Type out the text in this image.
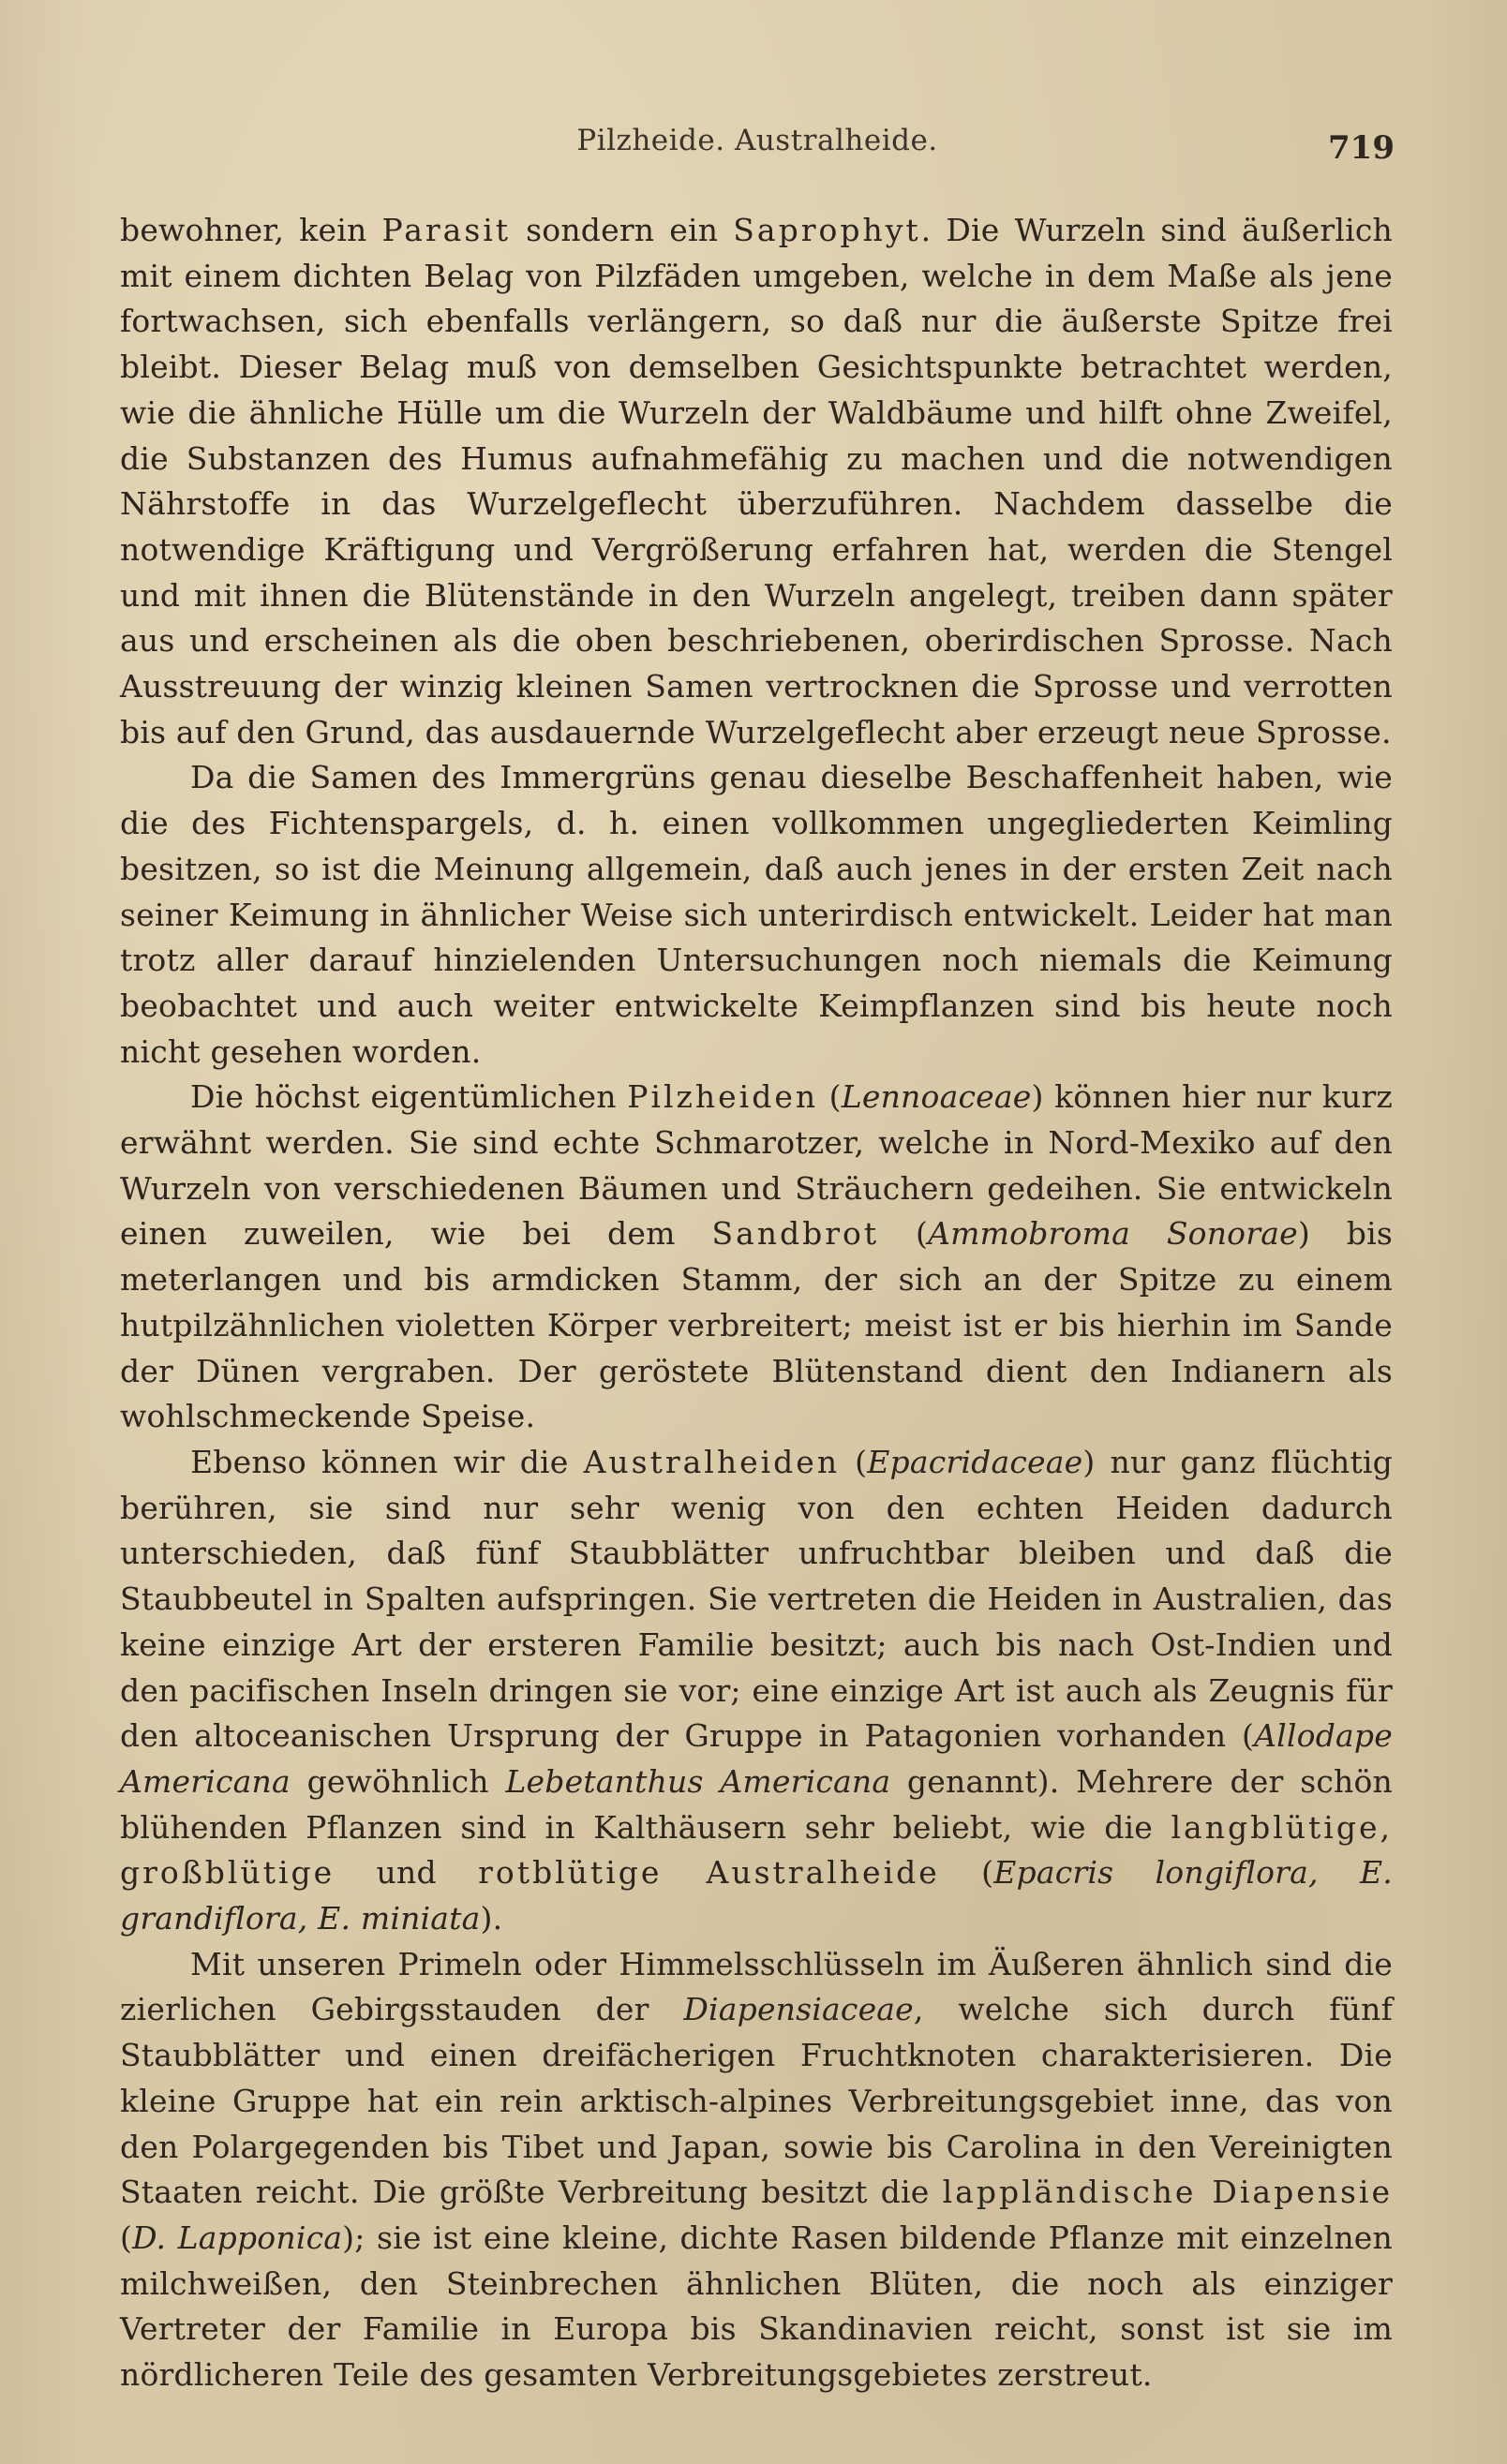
Pilzheide. Australheide.	719

bewohner, kein Parasit sondern ein Saprophyt. Die Wurzeln sind äußerlich mit einem dichten Belag von Pilzfäden umgeben, welche in dem Maße als jene fortwachsen, sich ebenfalls verlängern, so daß nur die äußerste Spitze frei bleibt. Dieser Belag muß von demselben Gesichtspunkte betrachtet werden, wie die ähnliche Hülle um die Wurzeln der Waldbäume und hilft ohne Zweifel, die Substanzen des Humus aufnahmefähig zu machen und die notwendigen Nährstoffe in das Wurzelgeflecht überzuführen. Nachdem dasselbe die notwendige Kräftigung und Vergrößerung erfahren hat, werden die Stengel und mit ihnen die Blütenstände in den Wurzeln angelegt, treiben dann später aus und erscheinen als die oben beschriebenen, oberirdischen Sprosse. Nach Ausstreuung der winzig kleinen Samen vertrocknen die Sprosse und verrotten bis auf den Grund, das ausdauernde Wurzelgeflecht aber erzeugt neue Sprosse.

Da die Samen des Immergrüns genau dieselbe Beschaffenheit haben, wie die des Fichtenspargels, d. h. einen vollkommen ungegliederten Keimling besitzen, so ist die Meinung allgemein, daß auch jenes in der ersten Zeit nach seiner Keimung in ähnlicher Weise sich unterirdisch entwickelt. Leider hat man trotz aller darauf hinzielenden Untersuchungen noch niemals die Keimung beobachtet und auch weiter entwickelte Keimpflanzen sind bis heute noch nicht gesehen worden.

Die höchst eigentümlichen Pilzheiden (Lennoaceae) können hier nur kurz erwähnt werden. Sie sind echte Schmarotzer, welche in Nord-Mexiko auf den Wurzeln von verschiedenen Bäumen und Sträuchern gedeihen. Sie entwickeln einen zuweilen, wie bei dem Sandbrot (Ammobroma Sonorae) bis meterlangen und bis armdicken Stamm, der sich an der Spitze zu einem hutpilzähnlichen violetten Körper verbreitert; meist ist er bis hierhin im Sande der Dünen vergraben. Der geröstete Blütenstand dient den Indianern als wohlschmeckende Speise.

Ebenso können wir die Australheiden (Epacridaceae) nur ganz flüchtig berühren, sie sind nur sehr wenig von den echten Heiden dadurch unterschieden, daß fünf Staubblätter unfruchtbar bleiben und daß die Staubbeutel in Spalten aufspringen. Sie vertreten die Heiden in Australien, das keine einzige Art der ersteren Familie besitzt; auch bis nach Ost-Indien und den pacifischen Inseln dringen sie vor; eine einzige Art ist auch als Zeugnis für den altoceanischen Ursprung der Gruppe in Patagonien vorhanden (Allodape Americana gewöhnlich Lebetanthus Americana genannt). Mehrere der schön blühenden Pflanzen sind in Kalthäusern sehr beliebt, wie die langblütige, großblütige und rotblütige Australheide (Epacris longiflora, E. grandiflora, E. miniata).

Mit unseren Primeln oder Himmelsschlüsseln im Äußeren ähnlich sind die zierlichen Gebirgsstauden der Diapensiaceae, welche sich durch fünf Staubblätter und einen dreifächerigen Fruchtknoten charakterisieren. Die kleine Gruppe hat ein rein arktisch-alpines Verbreitungsgebiet inne, das von den Polargegenden bis Tibet und Japan, sowie bis Carolina in den Vereinigten Staaten reicht. Die größte Verbreitung besitzt die lappländische Diapensie (D. Lapponica); sie ist eine kleine, dichte Rasen bildende Pflanze mit einzelnen milchweißen, den Steinbrechen ähnlichen Blüten, die noch als einziger Vertreter der Familie in Europa bis Skandinavien reicht, sonst ist sie im nördlicheren Teile des gesamten Verbreitungsgebietes zerstreut.
